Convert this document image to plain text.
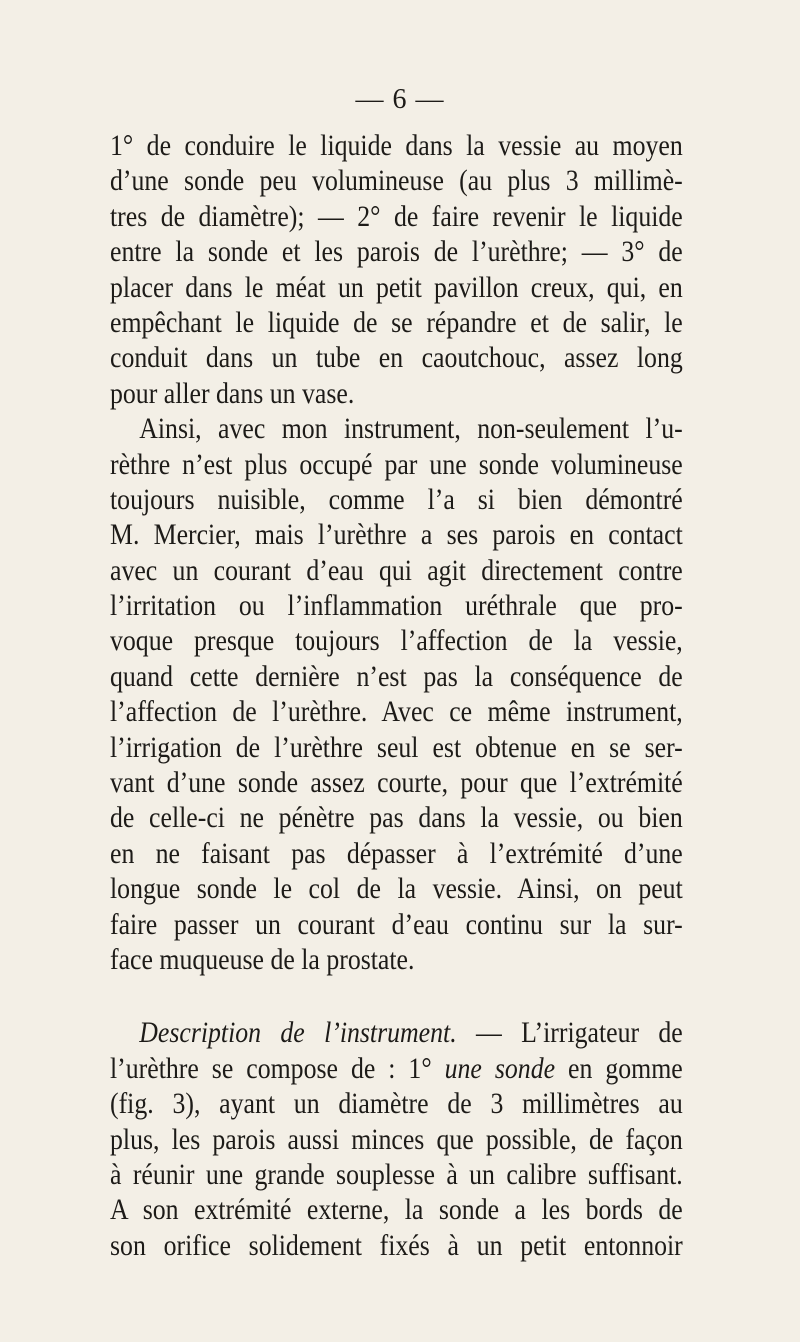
— 6 —
1° de conduire le liquide dans la vessie au moyen
d’une sonde peu volumineuse (au plus 3 millimè-
tres de diamètre); — 2° de faire revenir le liquide
entre la sonde et les parois de l’urèthre; — 3° de
placer dans le méat un petit pavillon creux, qui, en
empêchant le liquide de se répandre et de salir, le
conduit dans un tube en caoutchouc, assez long
pour aller dans un vase.
Ainsi, avec mon instrument, non-seulement l’u-
rèthre n’est plus occupé par une sonde volumineuse
toujours nuisible, comme l’a si bien démontré
M. Mercier, mais l’urèthre a ses parois en contact
avec un courant d’eau qui agit directement contre
l’irritation ou l’inflammation uréthrale que pro-
voque presque toujours l’affection de la vessie,
quand cette dernière n’est pas la conséquence de
l’affection de l’urèthre. Avec ce même instrument,
l’irrigation de l’urèthre seul est obtenue en se ser-
vant d’une sonde assez courte, pour que l’extrémité
de celle-ci ne pénètre pas dans la vessie, ou bien
en ne faisant pas dépasser à l’extrémité d’une
longue sonde le col de la vessie. Ainsi, on peut
faire passer un courant d’eau continu sur la sur-
face muqueuse de la prostate.
Description de l’instrument. — L’irrigateur de
l’urèthre se compose de : 1° une sonde en gomme
(fig. 3), ayant un diamètre de 3 millimètres au
plus, les parois aussi minces que possible, de façon
à réunir une grande souplesse à un calibre suffisant.
A son extrémité externe, la sonde a les bords de
son orifice solidement fixés à un petit entonnoir
